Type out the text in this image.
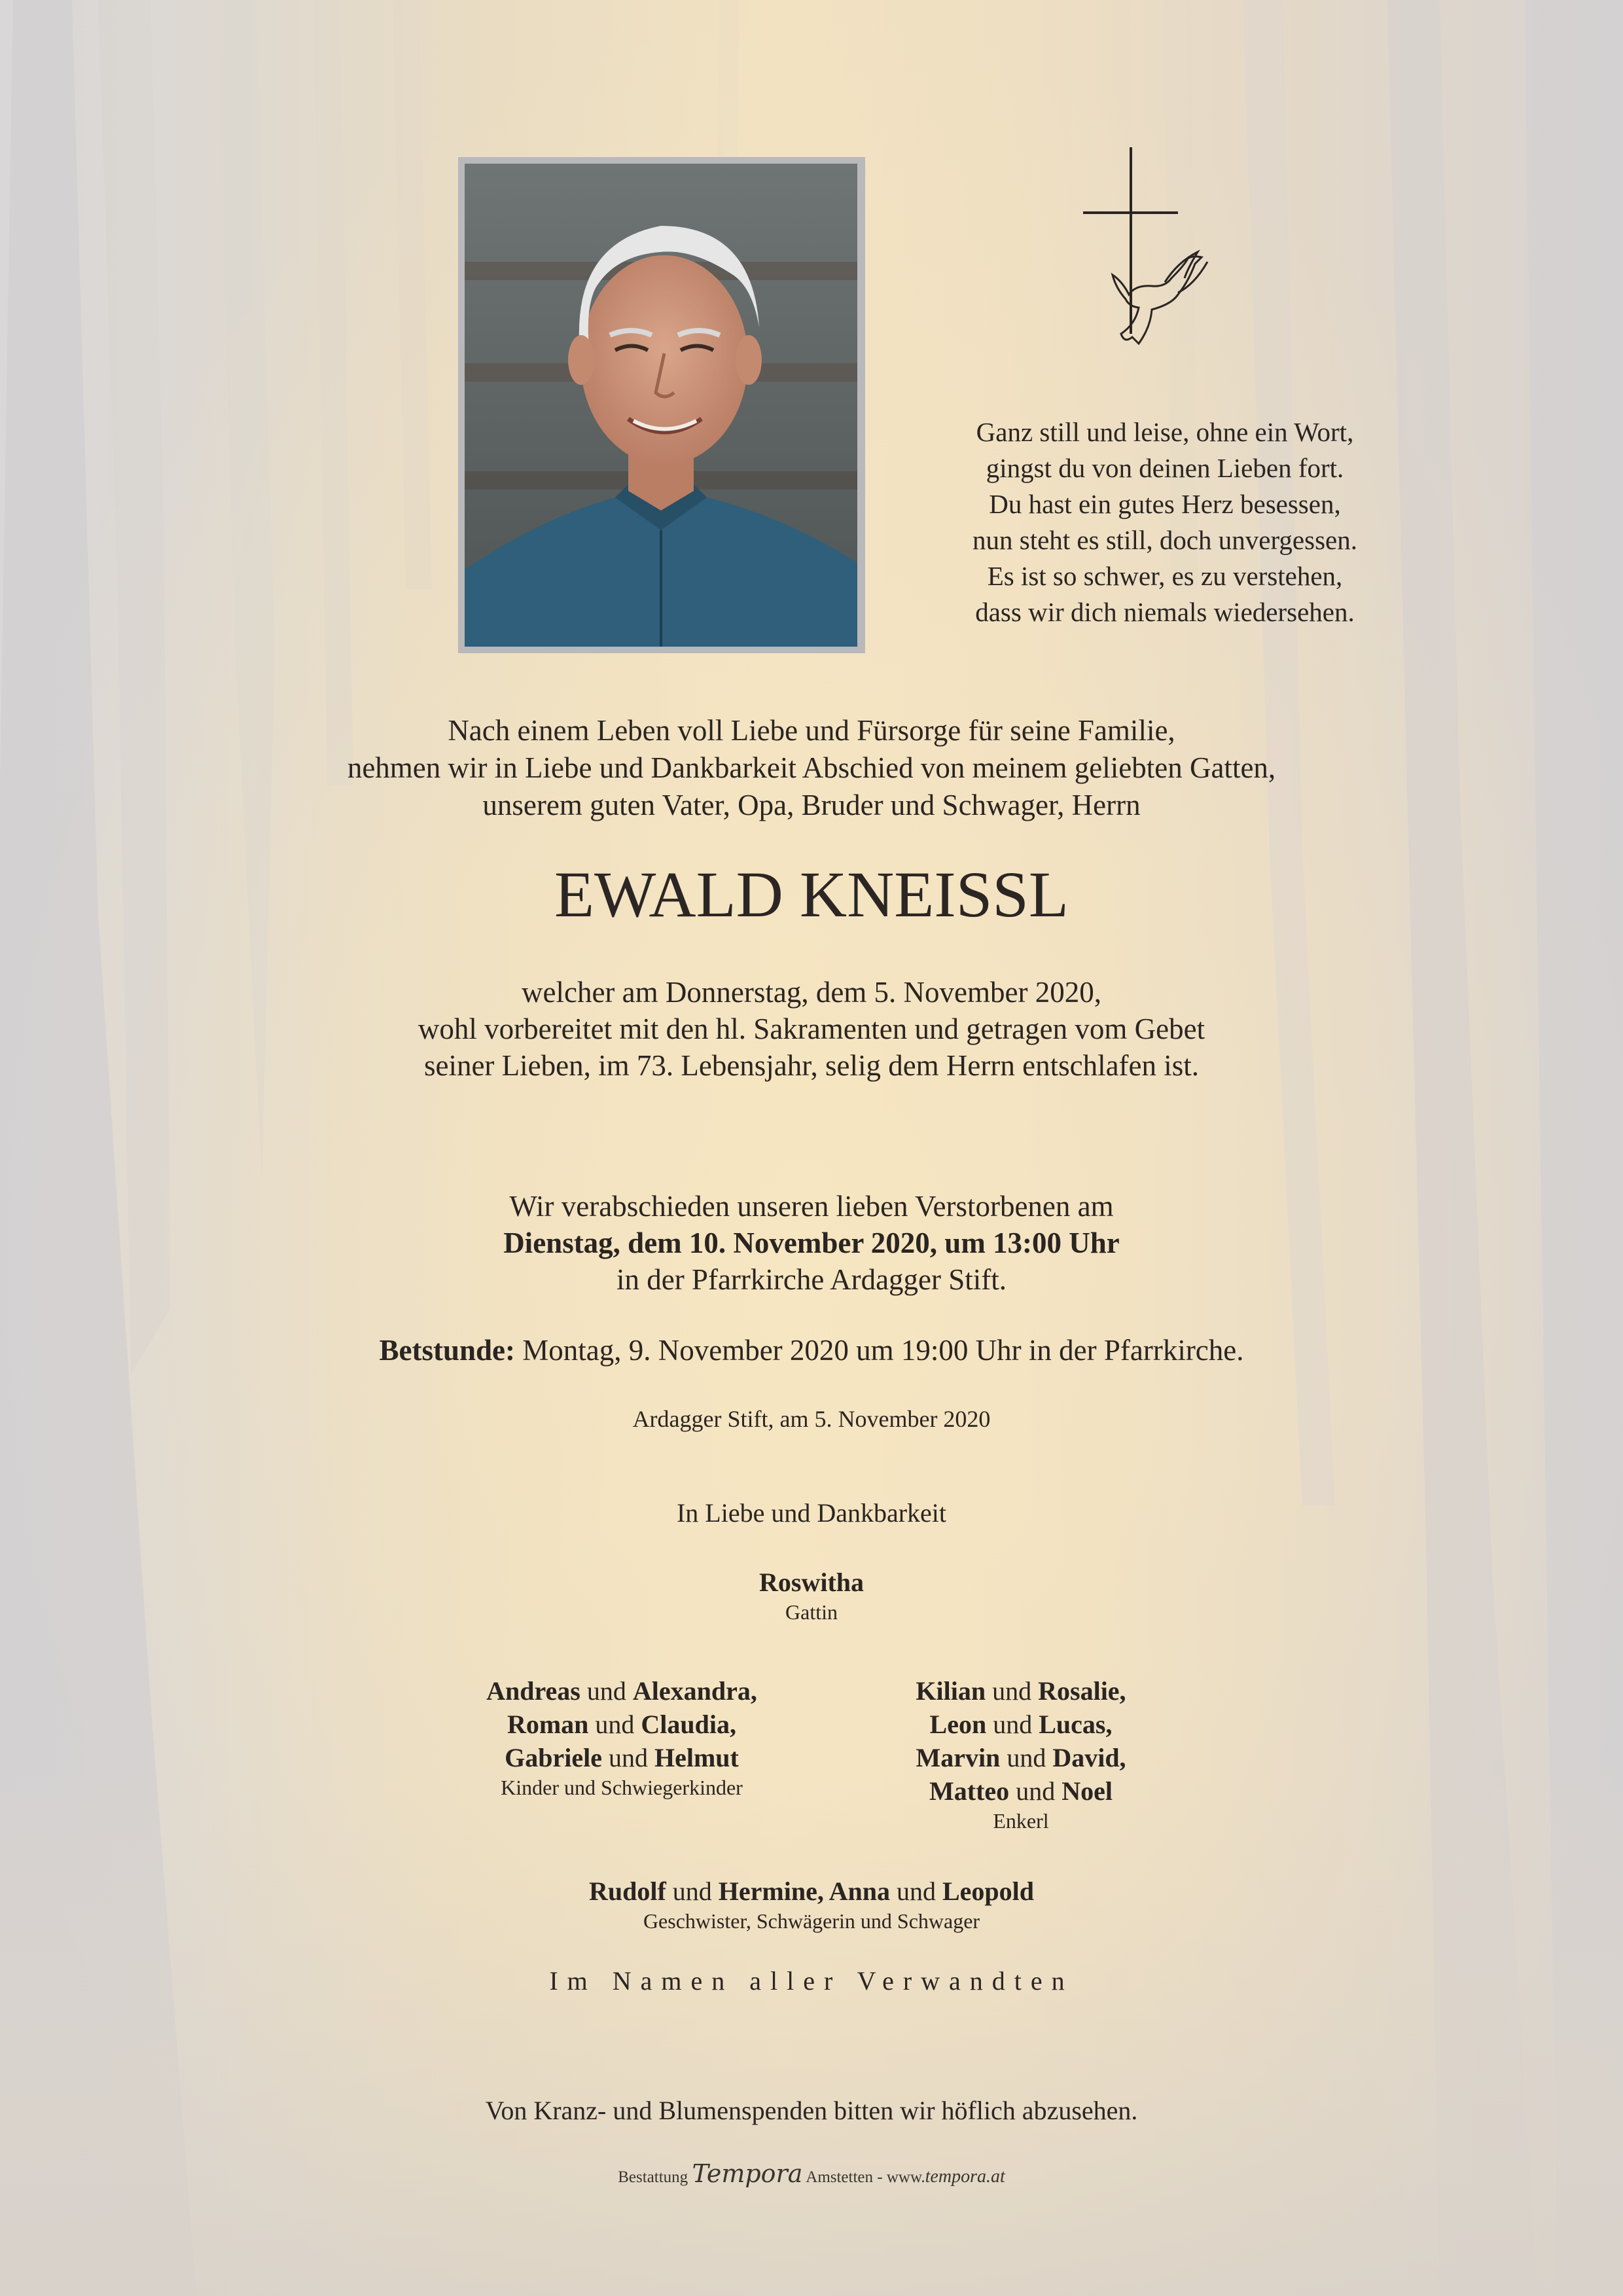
Ganz still und leise, ohne ein Wort,
gingst du von deinen Lieben fort.
Du hast ein gutes Herz besessen,
nun steht es still, doch unvergessen.
Es ist so schwer, es zu verstehen,
dass wir dich niemals wiedersehen.
Nach einem Leben voll Liebe und Fürsorge für seine Familie,
nehmen wir in Liebe und Dankbarkeit Abschied von meinem geliebten Gatten,
unserem guten Vater, Opa, Bruder und Schwager, Herrn
EWALD KNEISSL
welcher am Donnerstag, dem 5. November 2020,
wohl vorbereitet mit den hl. Sakramenten und getragen vom Gebet
seiner Lieben, im 73. Lebensjahr, selig dem Herrn entschlafen ist.
Wir verabschieden unseren lieben Verstorbenen am
Dienstag, dem 10. November 2020, um 13:00 Uhr
in der Pfarrkirche Ardagger Stift.
Betstunde: Montag, 9. November 2020 um 19:00 Uhr in der Pfarrkirche.
Ardagger Stift, am 5. November 2020
In Liebe und Dankbarkeit
Roswitha
Gattin
Andreas und Alexandra,
Roman und Claudia,
Gabriele und Helmut
Kinder und Schwiegerkinder
Kilian und Rosalie,
Leon und Lucas,
Marvin und David,
Matteo und Noel
Enkerl
Rudolf und Hermine, Anna und Leopold
Geschwister, Schwägerin und Schwager
Im Namen aller Verwandten
Von Kranz- und Blumenspenden bitten wir höflich abzusehen.
Bestattung Tempora Amstetten - www.tempora.at
